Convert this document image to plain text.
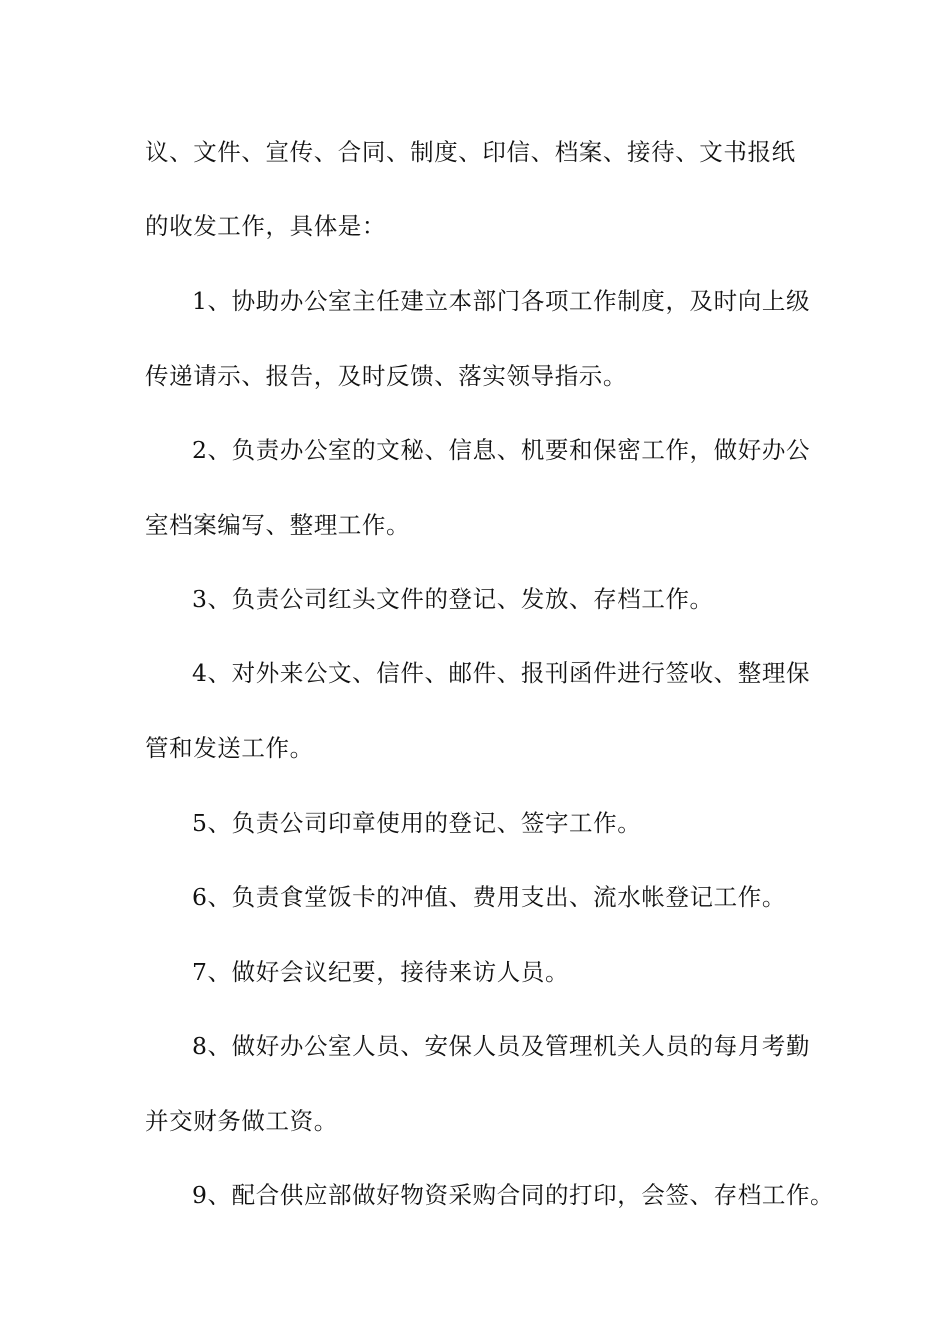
议、文件、宣传、合同、制度、印信、档案、接待、文书报纸
的收发工作，具体是：
1、协助办公室主任建立本部门各项工作制度，及时向上级
传递请示、报告，及时反馈、落实领导指示。
2、负责办公室的文秘、信息、机要和保密工作，做好办公
室档案编写、整理工作。
3、负责公司红头文件的登记、发放、存档工作。
4、对外来公文、信件、邮件、报刊函件进行签收、整理保
管和发送工作。
5、负责公司印章使用的登记、签字工作。
6、负责食堂饭卡的冲值、费用支出、流水帐登记工作。
7、做好会议纪要，接待来访人员。
8、做好办公室人员、安保人员及管理机关人员的每月考勤
并交财务做工资。
9、配合供应部做好物资采购合同的打印，会签、存档工作。
